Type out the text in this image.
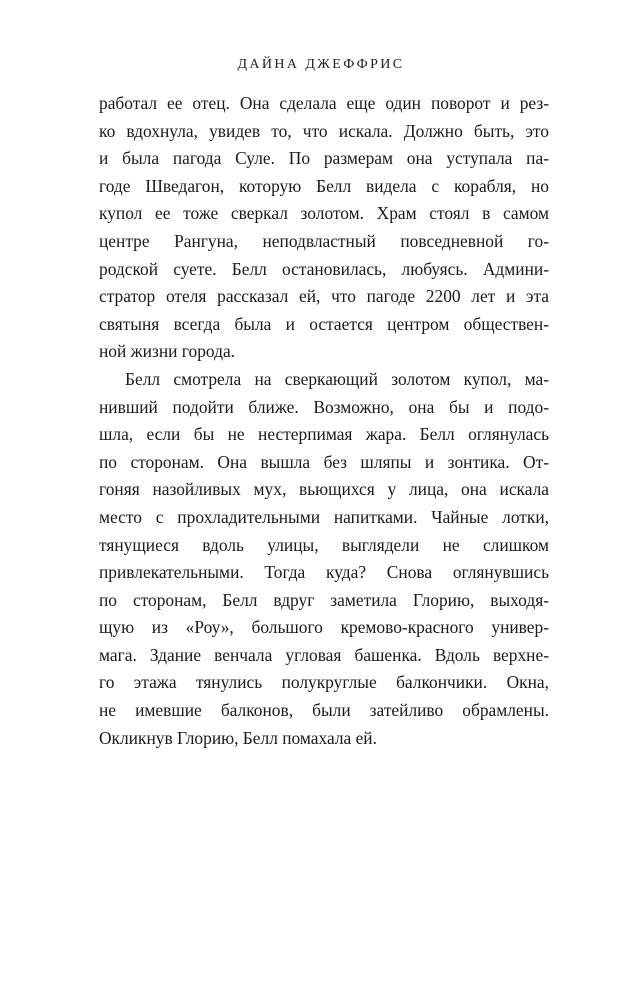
ДАЙНА ДЖЕФФРИС
работал ее отец. Она сделала еще один поворот и рез-
ко вдохнула, увидев то, что искала. Должно быть, это
и была пагода Суле. По размерам она уступала па-
годе Шведагон, которую Белл видела с корабля, но
купол ее тоже сверкал золотом. Храм стоял в самом
центре Рангуна, неподвластный повседневной го-
родской суете. Белл остановилась, любуясь. Админи-
стратор отеля рассказал ей, что пагоде 2200 лет и эта
святыня всегда была и остается центром обществен-
ной жизни города.
Белл смотрела на сверкающий золотом купол, ма-
нивший подойти ближе. Возможно, она бы и подо-
шла, если бы не нестерпимая жара. Белл оглянулась
по сторонам. Она вышла без шляпы и зонтика. От-
гоняя назойливых мух, вьющихся у лица, она искала
место с прохладительными напитками. Чайные лотки,
тянущиеся вдоль улицы, выглядели не слишком
привлекательными. Тогда куда? Снова оглянувшись
по сторонам, Белл вдруг заметила Глорию, выходя-
щую из «Роу», большого кремово-красного универ-
мага. Здание венчала угловая башенка. Вдоль верхне-
го этажа тянулись полукруглые балкончики. Окна,
не имевшие балконов, были затейливо обрамлены.
Окликнув Глорию, Белл помахала ей.
